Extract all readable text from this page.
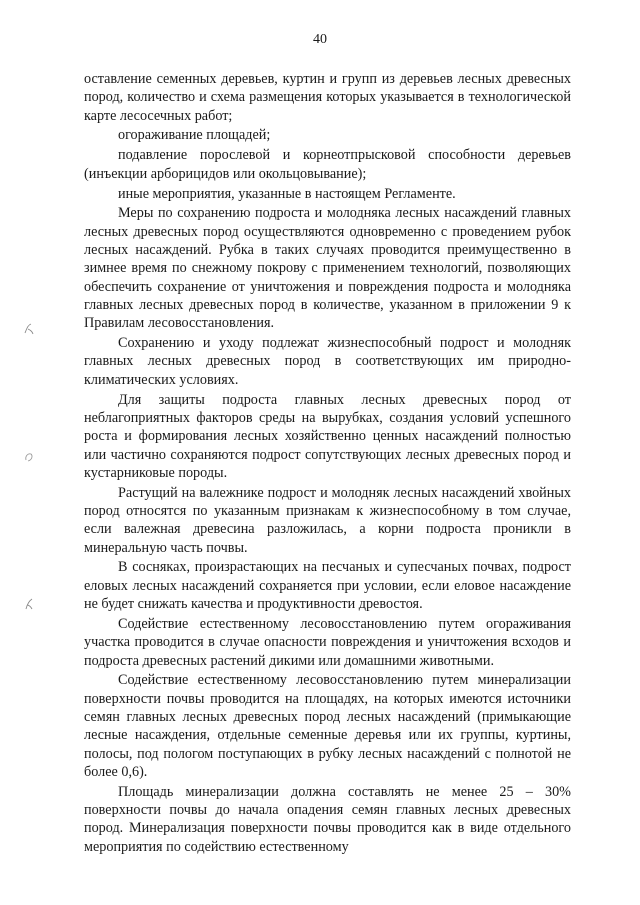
40

оставление семенных деревьев, куртин и групп из деревьев лесных древесных пород, количество и схема размещения которых указывается в технологической карте лесосечных работ;

огораживание площадей;

подавление порослевой и корнеотпрысковой способности деревьев (инъекции арборицидов или окольцовывание);

иные мероприятия, указанные в настоящем Регламенте.

Меры по сохранению подроста и молодняка лесных насаждений главных лесных древесных пород осуществляются одновременно с проведением рубок лесных насаждений. Рубка в таких случаях проводится преимущественно в зимнее время по снежному покрову с применением технологий, позволяющих обеспечить сохранение от уничтожения и повреждения подроста и молодняка главных лесных древесных пород в количестве, указанном в приложении 9 к Правилам лесовосстановления.

Сохранению и уходу подлежат жизнеспособный подрост и молодняк главных лесных древесных пород в соответствующих им природно-климатических условиях.

Для защиты подроста главных лесных древесных пород от неблагоприятных факторов среды на вырубках, создания условий успешного роста и формирования лесных хозяйственно ценных насаждений полностью или частично сохраняются подрост сопутствующих лесных древесных пород и кустарниковые породы.

Растущий на валежнике подрост и молодняк лесных насаждений хвойных пород относятся по указанным признакам к жизнеспособному в том случае, если валежная древесина разложилась, а корни подроста проникли в минеральную часть почвы.

В сосняках, произрастающих на песчаных и супесчаных почвах, подрост еловых лесных насаждений сохраняется при условии, если еловое насаждение не будет снижать качества и продуктивности древостоя.

Содействие естественному лесовосстановлению путем огораживания участка проводится в случае опасности повреждения и уничтожения всходов и подроста древесных растений дикими или домашними животными.

Содействие естественному лесовосстановлению путем минерализации поверхности почвы проводится на площадях, на которых имеются источники семян главных лесных древесных пород лесных насаждений (примыкающие лесные насаждения, отдельные семенные деревья или их группы, куртины, полосы, под пологом поступающих в рубку лесных насаждений с полнотой не более 0,6).

Площадь минерализации должна составлять не менее 25 – 30% поверхности почвы до начала опадения семян главных лесных древесных пород. Минерализация поверхности почвы проводится как в виде отдельного мероприятия по содействию естественному
